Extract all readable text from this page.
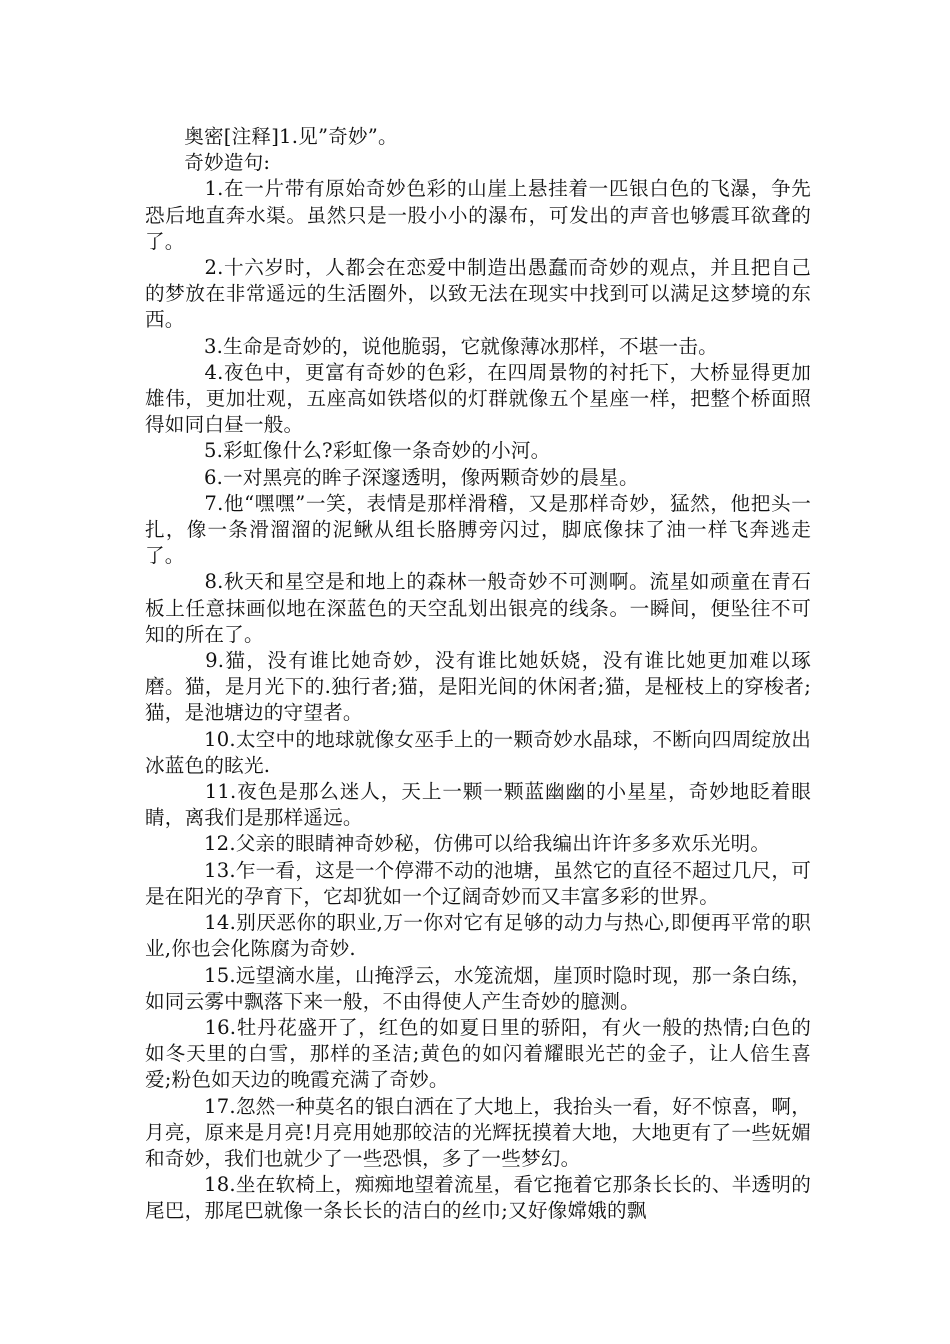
奥密[注释]1.见”奇妙”。

奇妙造句:

　1.在一片带有原始奇妙色彩的山崖上悬挂着一匹银白色的飞瀑，争先恐后地直奔水渠。虽然只是一股小小的瀑布，可发出的声音也够震耳欲聋的了。

　2.十六岁时，人都会在恋爱中制造出愚蠢而奇妙的观点，并且把自己的梦放在非常遥远的生活圈外，以致无法在现实中找到可以满足这梦境的东西。

　3.生命是奇妙的，说他脆弱，它就像薄冰那样，不堪一击。

　4.夜色中，更富有奇妙的色彩，在四周景物的衬托下，大桥显得更加雄伟，更加壮观，五座高如铁塔似的灯群就像五个星座一样，把整个桥面照得如同白昼一般。

　5.彩虹像什么?彩虹像一条奇妙的小河。

　6.一对黑亮的眸子深邃透明，像两颗奇妙的晨星。

　7.他“嘿嘿”一笑，表情是那样滑稽，又是那样奇妙，猛然，他把头一扎，像一条滑溜溜的泥鳅从组长胳膊旁闪过，脚底像抹了油一样飞奔逃走了。

　8.秋天和星空是和地上的森林一般奇妙不可测啊。流星如顽童在青石板上任意抹画似地在深蓝色的天空乱划出银亮的线条。一瞬间，便坠往不可知的所在了。

　9.猫，没有谁比她奇妙，没有谁比她妖娆，没有谁比她更加难以琢磨。猫，是月光下的.独行者;猫，是阳光间的休闲者;猫，是桠枝上的穿梭者;猫，是池塘边的守望者。

　10.太空中的地球就像女巫手上的一颗奇妙水晶球，不断向四周绽放出冰蓝色的眩光.

　11.夜色是那么迷人，天上一颗一颗蓝幽幽的小星星，奇妙地眨着眼睛，离我们是那样遥远。

　12.父亲的眼睛神奇妙秘，仿佛可以给我编出许许多多欢乐光明。

　13.乍一看，这是一个停滞不动的池塘，虽然它的直径不超过几尺，可是在阳光的孕育下，它却犹如一个辽阔奇妙而又丰富多彩的世界。

　14.别厌恶你的职业,万一你对它有足够的动力与热心,即便再平常的职业,你也会化陈腐为奇妙.

　15.远望滴水崖，山掩浮云，水笼流烟，崖顶时隐时现，那一条白练，如同云雾中飘落下来一般，不由得使人产生奇妙的臆测。

　16.牡丹花盛开了，红色的如夏日里的骄阳，有火一般的热情;白色的如冬天里的白雪，那样的圣洁;黄色的如闪着耀眼光芒的金子，让人倍生喜爱;粉色如天边的晚霞充满了奇妙。

　17.忽然一种莫名的银白洒在了大地上，我抬头一看，好不惊喜，啊，月亮，原来是月亮!月亮用她那皎洁的光辉抚摸着大地，大地更有了一些妩媚和奇妙，我们也就少了一些恐惧，多了一些梦幻。

　18.坐在软椅上，痴痴地望着流星，看它拖着它那条长长的、半透明的尾巴，那尾巴就像一条长长的洁白的丝巾;又好像嫦娥的飘
